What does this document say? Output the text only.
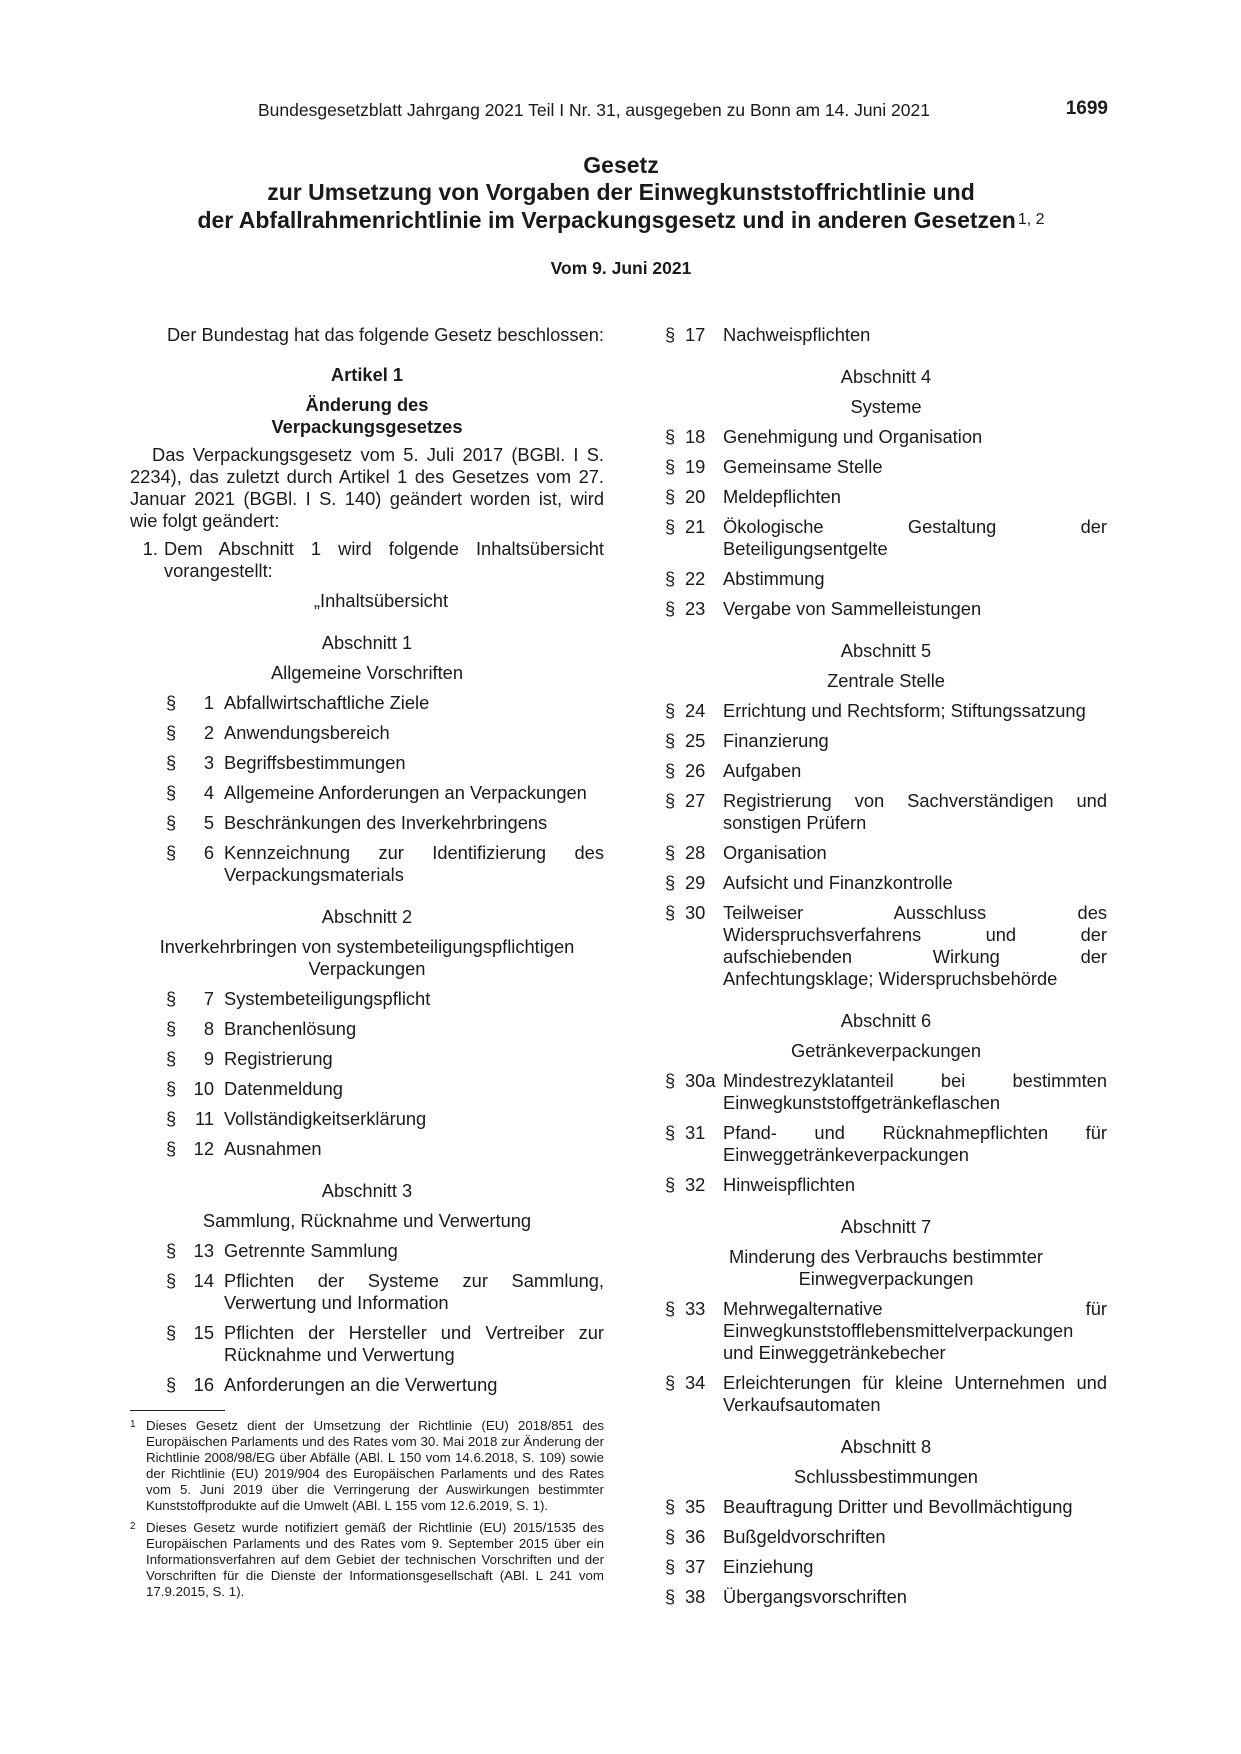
Bundesgesetzblatt Jahrgang 2021 Teil I Nr. 31, ausgegeben zu Bonn am 14. Juni 2021	1699
Gesetz
zur Umsetzung von Vorgaben der Einwegkunststoffrichtlinie und
der Abfallrahmenrichtlinie im Verpackungsgesetz und in anderen Gesetzen 1, 2
Vom 9. Juni 2021
Der Bundestag hat das folgende Gesetz beschlossen:
Artikel 1
Änderung des
Verpackungsgesetzes
Das Verpackungsgesetz vom 5. Juli 2017 (BGBl. I S. 2234), das zuletzt durch Artikel 1 des Gesetzes vom 27. Januar 2021 (BGBl. I S. 140) geändert worden ist, wird wie folgt geändert:
1. Dem Abschnitt 1 wird folgende Inhaltsübersicht vorangestellt:
„Inhaltsübersicht
Abschnitt 1
Allgemeine Vorschriften
§ 1 Abfallwirtschaftliche Ziele
§ 2 Anwendungsbereich
§ 3 Begriffsbestimmungen
§ 4 Allgemeine Anforderungen an Verpackungen
§ 5 Beschränkungen des Inverkehrbringens
§ 6 Kennzeichnung zur Identifizierung des Verpackungsmaterials
Abschnitt 2
Inverkehrbringen von systembeteiligungspflichtigen Verpackungen
§ 7 Systembeteiligungspflicht
§ 8 Branchenlösung
§ 9 Registrierung
§ 10 Datenmeldung
§ 11 Vollständigkeitserklärung
§ 12 Ausnahmen
Abschnitt 3
Sammlung, Rücknahme und Verwertung
§ 13 Getrennte Sammlung
§ 14 Pflichten der Systeme zur Sammlung, Verwertung und Information
§ 15 Pflichten der Hersteller und Vertreiber zur Rücknahme und Verwertung
§ 16 Anforderungen an die Verwertung
§ 17 Nachweispflichten
Abschnitt 4
Systeme
§ 18 Genehmigung und Organisation
§ 19 Gemeinsame Stelle
§ 20 Meldepflichten
§ 21 Ökologische Gestaltung der Beteiligungsentgelte
§ 22 Abstimmung
§ 23 Vergabe von Sammelleistungen
Abschnitt 5
Zentrale Stelle
§ 24 Errichtung und Rechtsform; Stiftungssatzung
§ 25 Finanzierung
§ 26 Aufgaben
§ 27 Registrierung von Sachverständigen und sonstigen Prüfern
§ 28 Organisation
§ 29 Aufsicht und Finanzkontrolle
§ 30 Teilweiser Ausschluss des Widerspruchsverfahrens und der aufschiebenden Wirkung der Anfechtungsklage; Widerspruchsbehörde
Abschnitt 6
Getränkeverpackungen
§ 30a Mindestrezyklatanteil bei bestimmten Einwegkunststoffgetränkeflaschen
§ 31 Pfand- und Rücknahmepflichten für Einweggetränkeverpackungen
§ 32 Hinweispflichten
Abschnitt 7
Minderung des Verbrauchs bestimmter Einwegverpackungen
§ 33 Mehrwegalternative für Einwegkunststofflebensmittelverpackungen und Einweggetränkebecher
§ 34 Erleichterungen für kleine Unternehmen und Verkaufsautomaten
Abschnitt 8
Schlussbestimmungen
§ 35 Beauftragung Dritter und Bevollmächtigung
§ 36 Bußgeldvorschriften
§ 37 Einziehung
§ 38 Übergangsvorschriften
1 Dieses Gesetz dient der Umsetzung der Richtlinie (EU) 2018/851 des Europäischen Parlaments und des Rates vom 30. Mai 2018 zur Änderung der Richtlinie 2008/98/EG über Abfälle (ABl. L 150 vom 14.6.2018, S. 109) sowie der Richtlinie (EU) 2019/904 des Europäischen Parlaments und des Rates vom 5. Juni 2019 über die Verringerung der Auswirkungen bestimmter Kunststoffprodukte auf die Umwelt (ABl. L 155 vom 12.6.2019, S. 1).
2 Dieses Gesetz wurde notifiziert gemäß der Richtlinie (EU) 2015/1535 des Europäischen Parlaments und des Rates vom 9. September 2015 über ein Informationsverfahren auf dem Gebiet der technischen Vorschriften und der Vorschriften für die Dienste der Informationsgesellschaft (ABl. L 241 vom 17.9.2015, S. 1).
